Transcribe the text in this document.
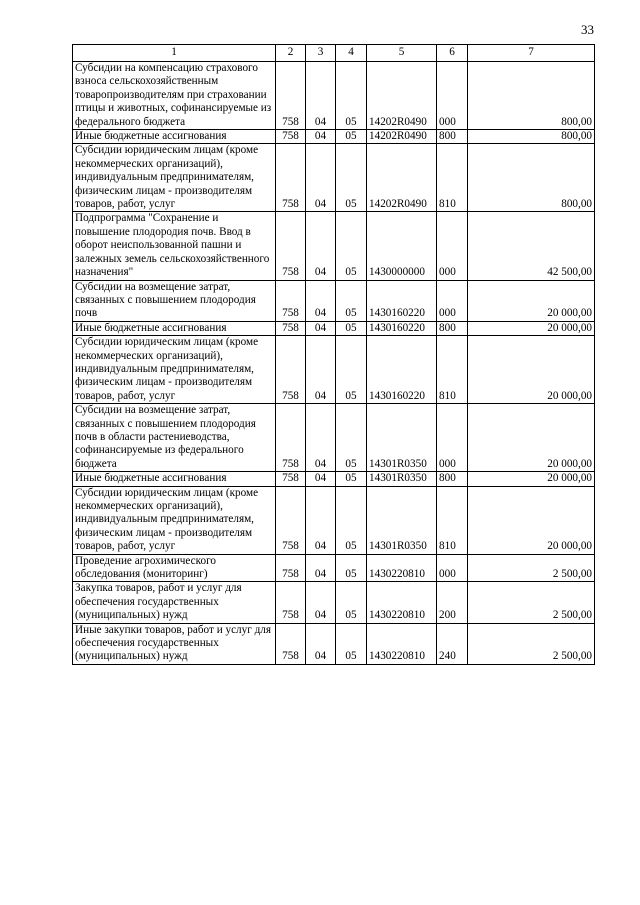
33
1	2	3	4	5	6	7
Субсидии на компенсацию страхового взноса сельскохозяйственным товаропроизводителям при страховании птицы и животных, софинансируемые из федерального бюджета	758	04	05	14202R0490	000	800,00
Иные бюджетные ассигнования	758	04	05	14202R0490	800	800,00
Субсидии юридическим лицам (кроме некоммерческих организаций), индивидуальным предпринимателям, физическим лицам - производителям товаров, работ, услуг	758	04	05	14202R0490	810	800,00
Подпрограмма "Сохранение и повышение плодородия почв. Ввод в оборот неиспользованной пашни и залежных земель сельскохозяйственного назначения"	758	04	05	1430000000	000	42 500,00
Субсидии на возмещение затрат, связанных с повышением плодородия почв	758	04	05	1430160220	000	20 000,00
Иные бюджетные ассигнования	758	04	05	1430160220	800	20 000,00
Субсидии юридическим лицам (кроме некоммерческих организаций), индивидуальным предпринимателям, физическим лицам - производителям товаров, работ, услуг	758	04	05	1430160220	810	20 000,00
Субсидии на возмещение затрат, связанных с повышением плодородия почв в области растениеводства, софинансируемые из федерального бюджета	758	04	05	14301R0350	000	20 000,00
Иные бюджетные ассигнования	758	04	05	14301R0350	800	20 000,00
Субсидии юридическим лицам (кроме некоммерческих организаций), индивидуальным предпринимателям, физическим лицам - производителям товаров, работ, услуг	758	04	05	14301R0350	810	20 000,00
Проведение агрохимического обследования (мониторинг)	758	04	05	1430220810	000	2 500,00
Закупка товаров, работ и услуг для обеспечения государственных (муниципальных) нужд	758	04	05	1430220810	200	2 500,00
Иные закупки товаров, работ и услуг для обеспечения государственных (муниципальных) нужд	758	04	05	1430220810	240	2 500,00
